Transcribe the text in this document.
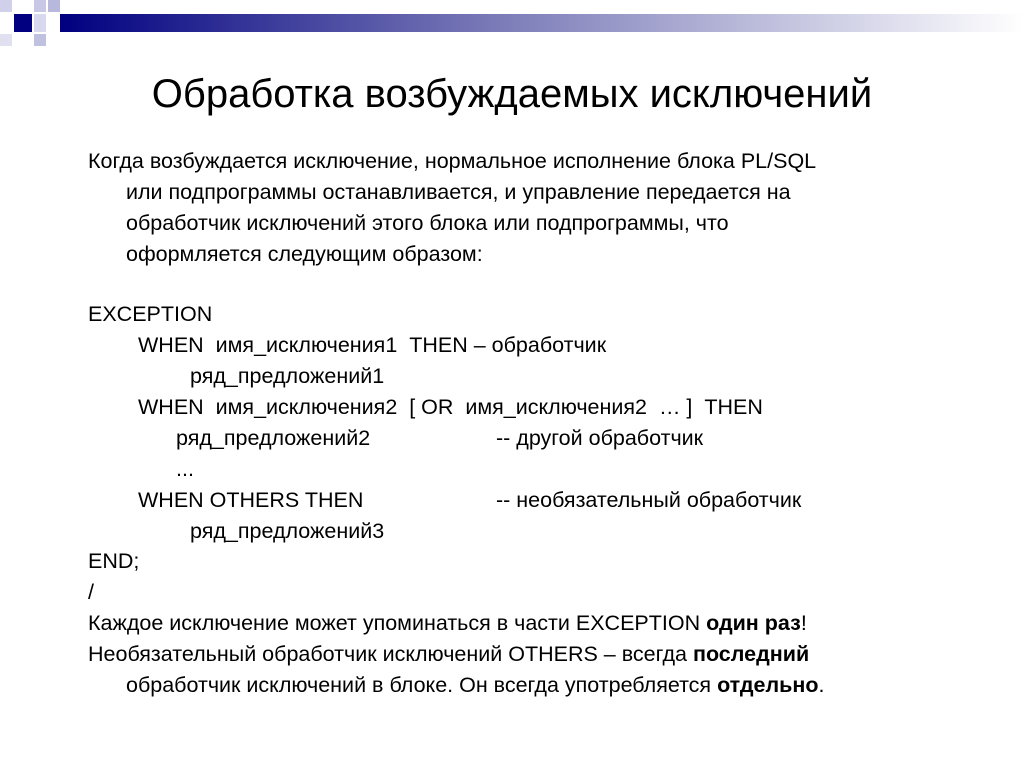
Обработка возбуждаемых исключений
Когда возбуждается исключение, нормальное исполнение блока PL/SQL
или подпрограммы останавливается, и управление передается на
обработчик исключений этого блока или подпрограммы, что
оформляется следующим образом:
EXCEPTION
WHEN  имя_исключения1  THEN – обработчик
ряд_предложений1
WHEN  имя_исключения2  [ OR  имя_исключения2  … ]  THEN
ряд_предложений2	-- другой обработчик
...
WHEN OTHERS THEN	-- необязательный обработчик
ряд_предложений3
END;
/
Каждое исключение может упоминаться в части EXCEPTION один раз!
Необязательный обработчик исключений OTHERS – всегда последний
обработчик исключений в блоке. Он всегда употребляется отдельно.
